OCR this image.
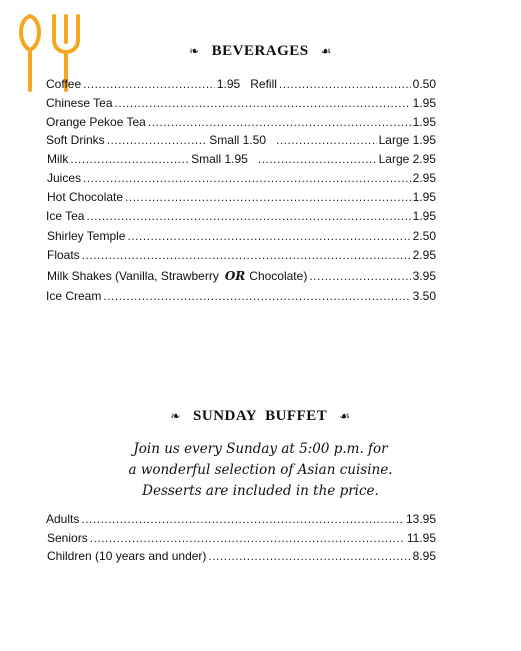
❧ BEVERAGES ☙
Coffee .....	1.95 Refill .....	0.50
Chinese Tea .....	1.95
Orange Pekoe Tea .....	1.95
Soft Drinks .....	Small 1.50 .....	Large 1.95
Milk .....	Small 1.95 .....	Large 2.95
Juices .....	2.95
Hot Chocolate .....	1.95
Ice Tea .....	1.95
Shirley Temple .....	2.50
Floats .....	2.95
Milk Shakes (Vanilla, Strawberry OR Chocolate) .....	3.95
Ice Cream .....	3.50
❧ SUNDAY  BUFFET ☙
Join us every Sunday at 5:00 p.m. for
a wonderful selection of Asian cuisine.
Desserts are included in the price.
Adults .....	13.95
Seniors .....	11.95
Children (10 years and under) .....	8.95
